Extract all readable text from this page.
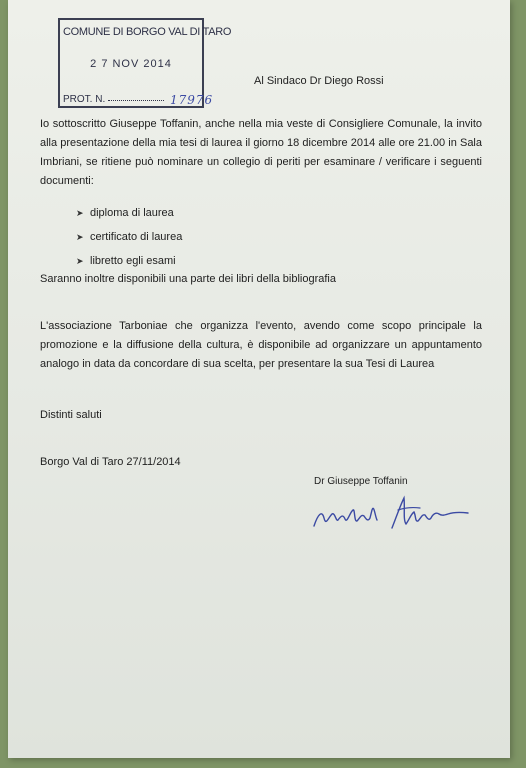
COMUNE DI BORGO VAL DI TARO
2 7 NOV 2014
PROT. N.	17976
Al Sindaco Dr Diego Rossi
Io sottoscritto Giuseppe Toffanin, anche nella mia veste di Consigliere Comunale, la invito alla presentazione della mia tesi di laurea il giorno 18 dicembre 2014 alle ore 21.00 in Sala Imbriani, se ritiene può nominare un collegio di periti per esaminare / verificare i seguenti documenti:
➤ diploma di laurea
➤ certificato di laurea
➤ libretto egli esami
Saranno inoltre disponibili una parte dei libri della bibliografia
L'associazione Tarboniae che organizza l'evento, avendo come scopo principale la promozione e la diffusione della cultura, è disponibile ad organizzare un appuntamento analogo in data da concordare di sua scelta, per presentare la sua Tesi di Laurea
Distinti saluti
Borgo Val di Taro 27/11/2014
Dr Giuseppe Toffanin
